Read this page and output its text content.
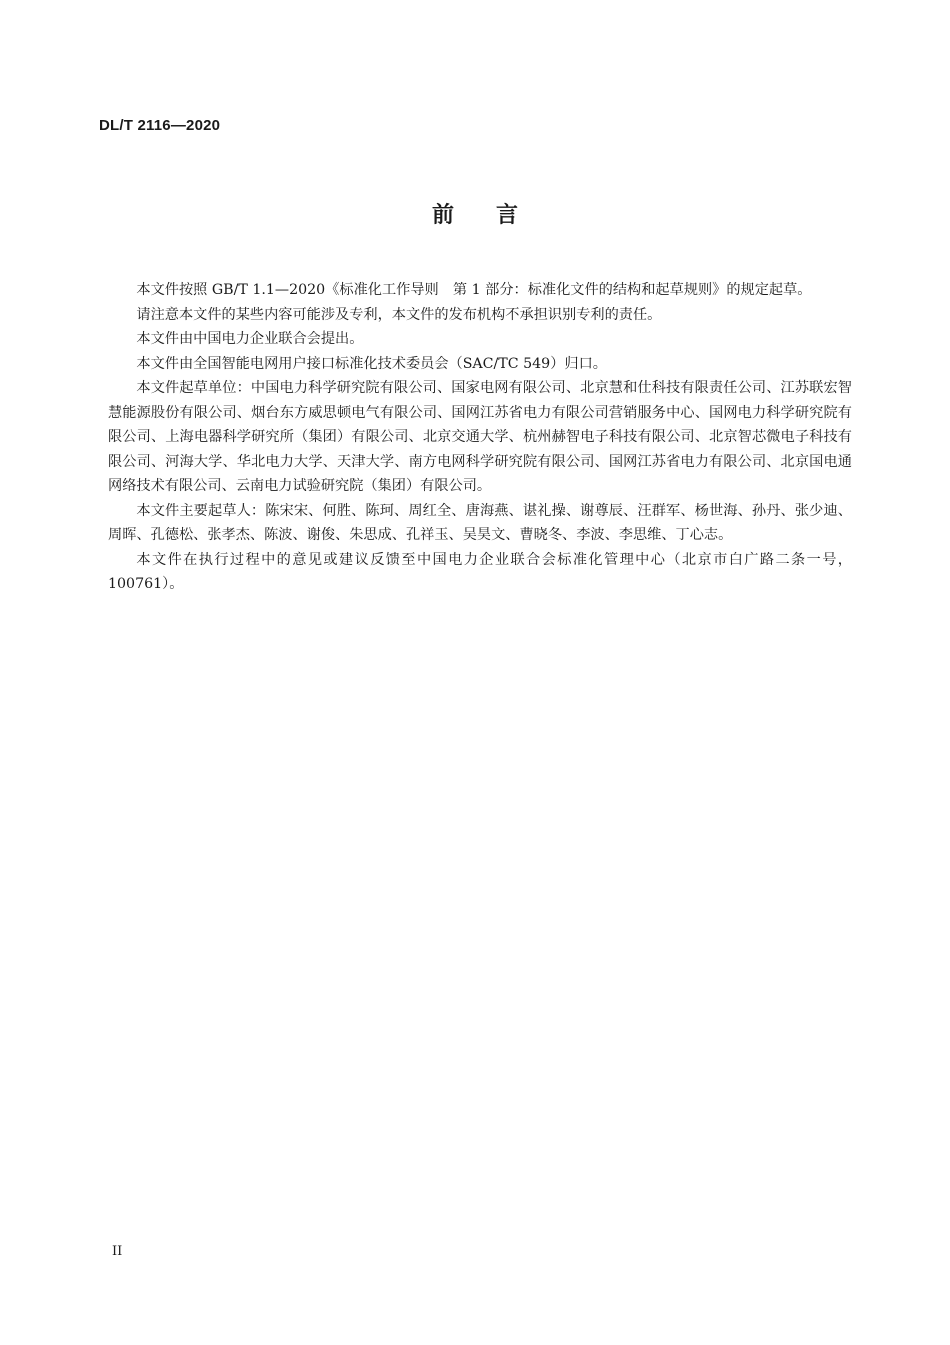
DL/T 2116—2020
前言

本文件按照 GB/T 1.1—2020《标准化工作导则　第 1 部分：标准化文件的结构和起草规则》的规定起草。

请注意本文件的某些内容可能涉及专利，本文件的发布机构不承担识别专利的责任。

本文件由中国电力企业联合会提出。

本文件由全国智能电网用户接口标准化技术委员会（SAC/TC 549）归口。

本文件起草单位：中国电力科学研究院有限公司、国家电网有限公司、北京慧和仕科技有限责任公司、江苏联宏智慧能源股份有限公司、烟台东方威思顿电气有限公司、国网江苏省电力有限公司营销服务中心、国网电力科学研究院有限公司、上海电器科学研究所（集团）有限公司、北京交通大学、杭州赫智电子科技有限公司、北京智芯微电子科技有限公司、河海大学、华北电力大学、天津大学、南方电网科学研究院有限公司、国网江苏省电力有限公司、北京国电通网络技术有限公司、云南电力试验研究院（集团）有限公司。

本文件主要起草人：陈宋宋、何胜、陈珂、周红全、唐海燕、谌礼操、谢尊辰、汪群军、杨世海、孙丹、张少迪、周晖、孔德松、张孝杰、陈波、谢俊、朱思成、孔祥玉、吴昊文、曹晓冬、李波、李思维、丁心志。

本文件在执行过程中的意见或建议反馈至中国电力企业联合会标准化管理中心（北京市白广路二条一号，100761）。

II
